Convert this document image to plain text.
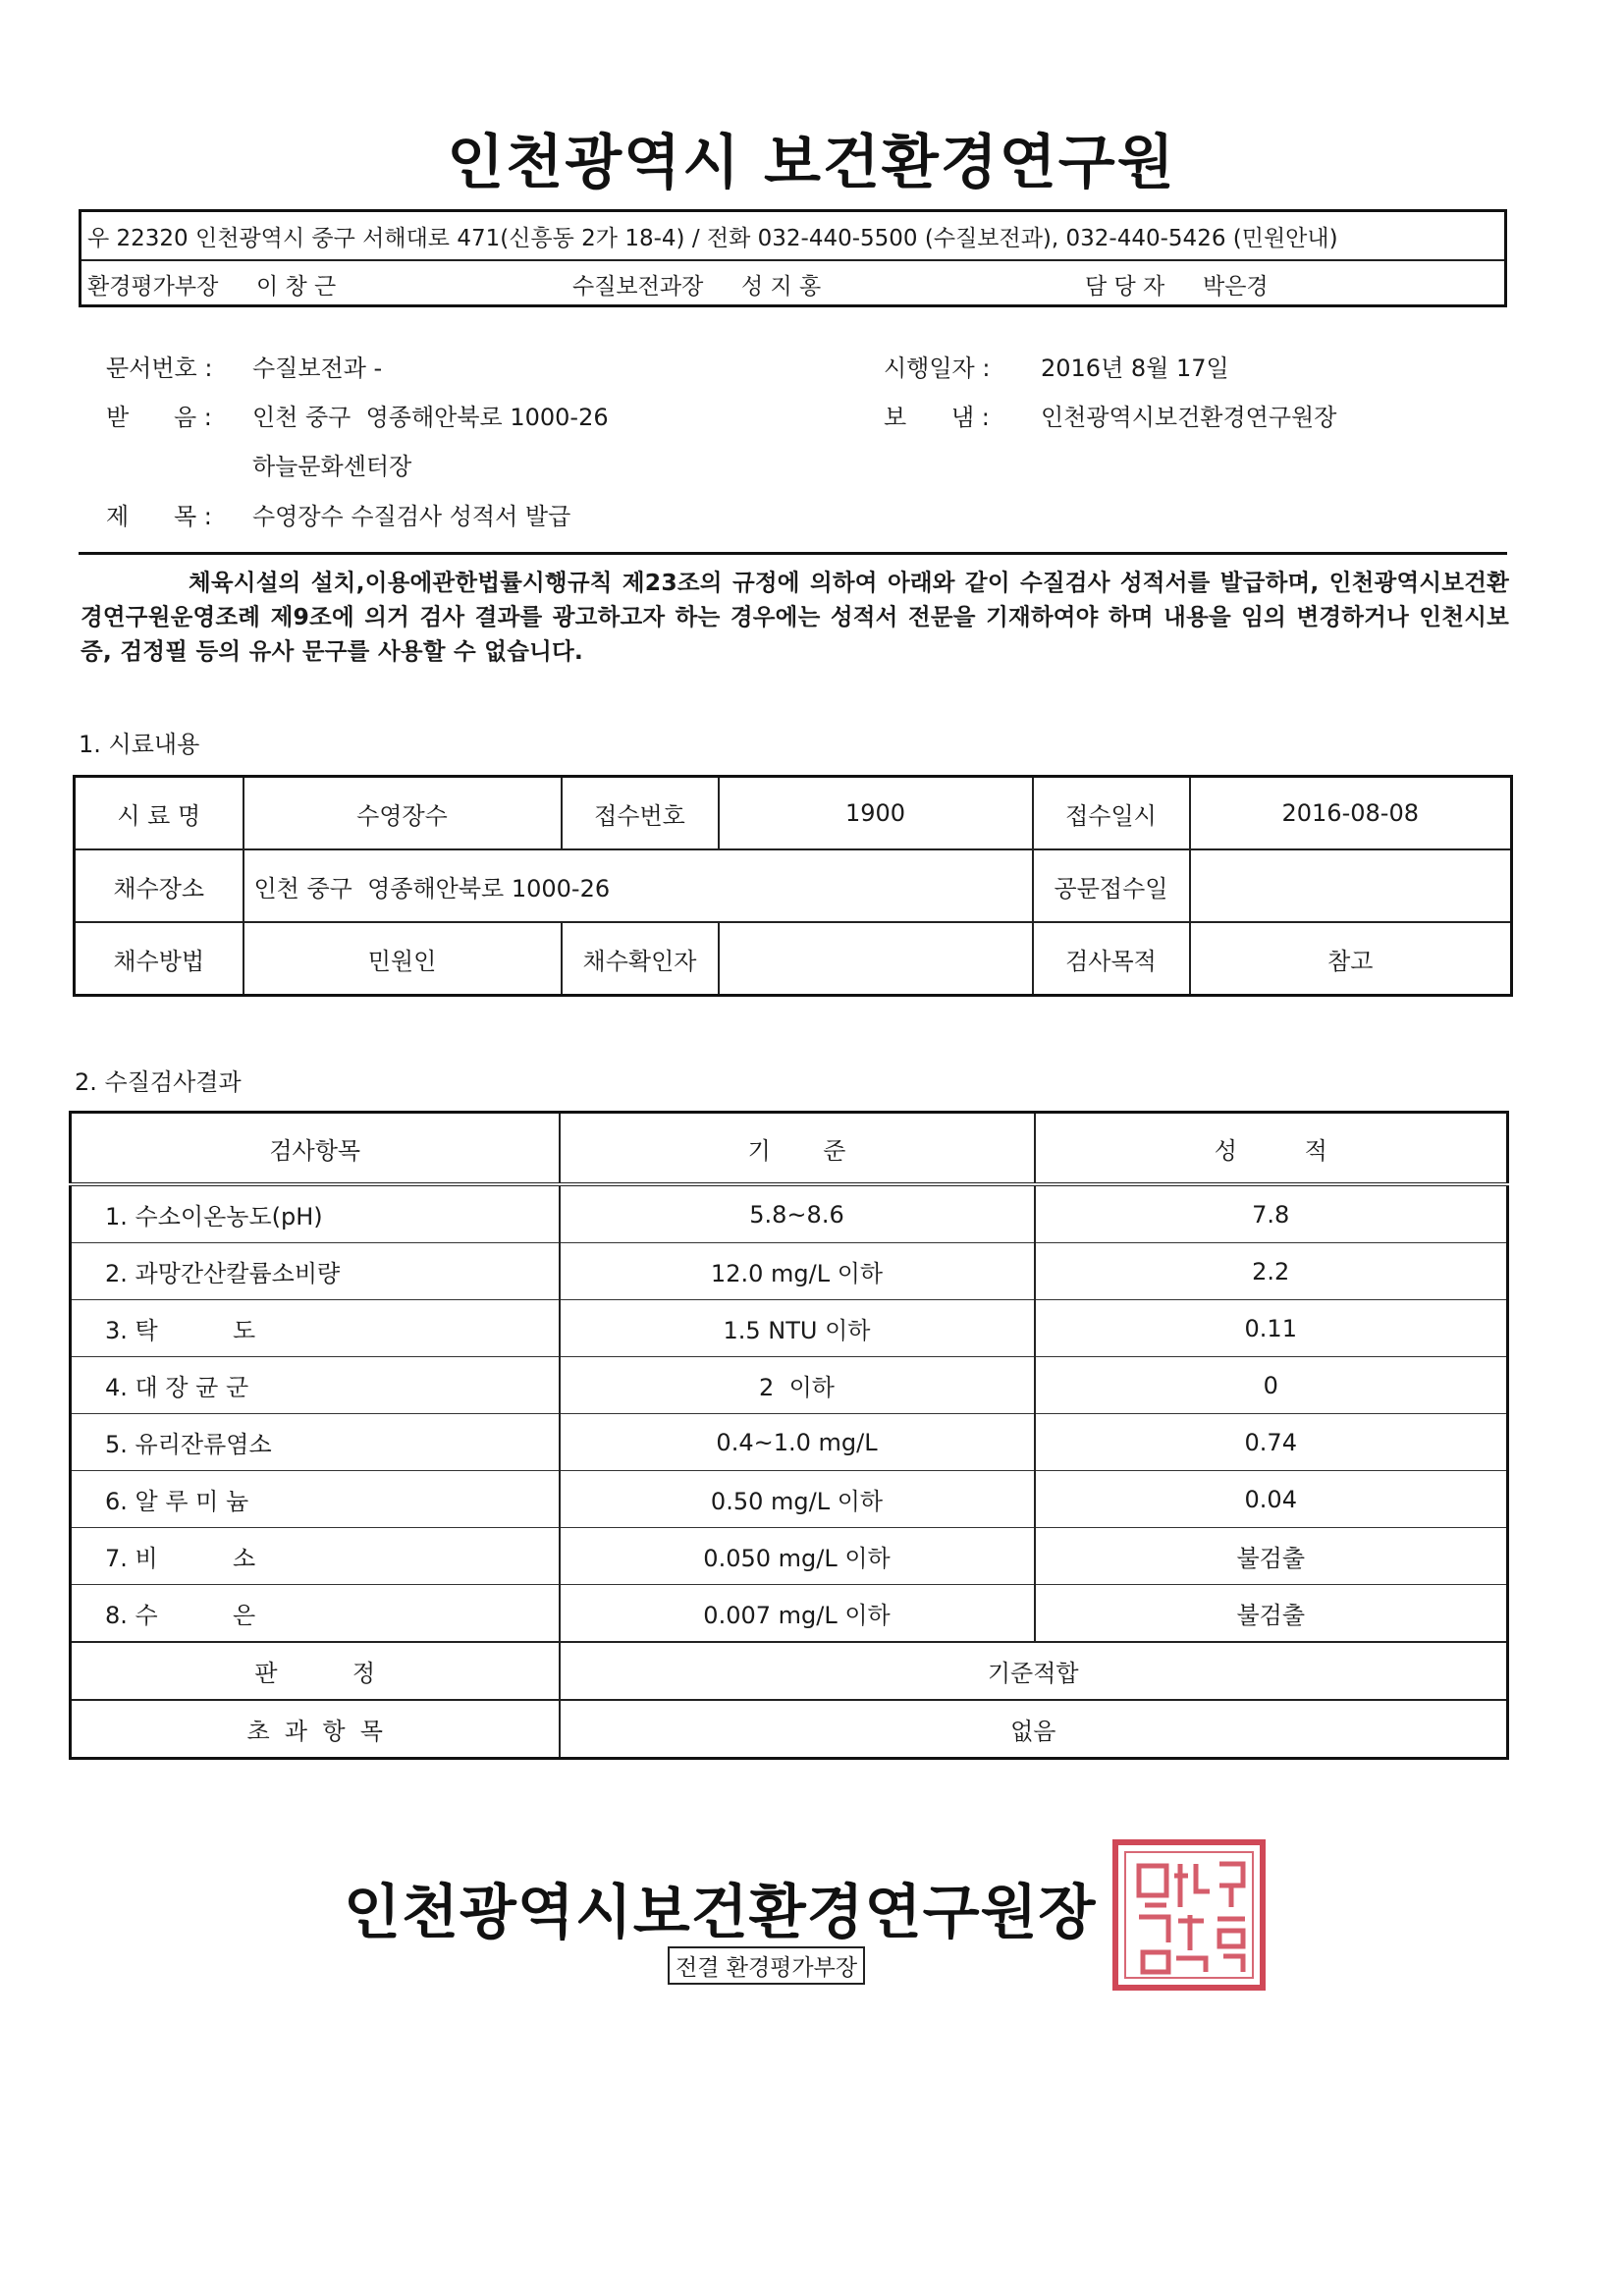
인천광역시 보건환경연구원
우 22320 인천광역시 중구 서해대로 471(신흥동 2가 18-4) / 전화 032-440-5500 (수질보전과), 032-440-5426 (민원안내)
환경평가부장 이 창 근	수질보전과장 성 지 홍	담 당 자 박은경
문서번호 : 수질보전과 -	시행일자 : 2016년 8월 17일
받      음 : 인천 중구  영종해안북로 1000-26	보      냄 : 인천광역시보건환경연구원장
하늘문화센터장
제      목 : 수영장수 수질검사 성적서 발급
체육시설의 설치,이용에관한법률시행규칙 제23조의 규정에 의하여 아래와 같이 수질검사 성적서를 발급하며, 인천광역시보건환경연구원운영조례 제9조에 의거 검사 결과를 광고하고자 하는 경우에는 성적서 전문을 기재하여야 하며 내용을 임의 변경하거나 인천시보증, 검정필 등의 유사 문구를 사용할 수 없습니다.
1. 시료내용
시 료 명	수영장수	접수번호	1900	접수일시	2016-08-08
채수장소	인천 중구  영종해안북로 1000-26			공문접수일	
채수방법	민원인	채수확인자		검사목적	참고
2. 수질검사결과
검사항목	기       준	성         적
1. 수소이온농도(pH)	5.8~8.6	7.8
2. 과망간산칼륨소비량	12.0 mg/L 이하	2.2
3. 탁          도	1.5 NTU 이하	0.11
4. 대 장 균 군	2  이하	0
5. 유리잔류염소	0.4~1.0 mg/L	0.74
6. 알 루 미 늄	0.50 mg/L 이하	0.04
7. 비          소	0.050 mg/L 이하	불검출
8. 수          은	0.007 mg/L 이하	불검출
판          정	기준적합	
초  과  항  목	없음	
인천광역시보건환경연구원장
전결 환경평가부장
